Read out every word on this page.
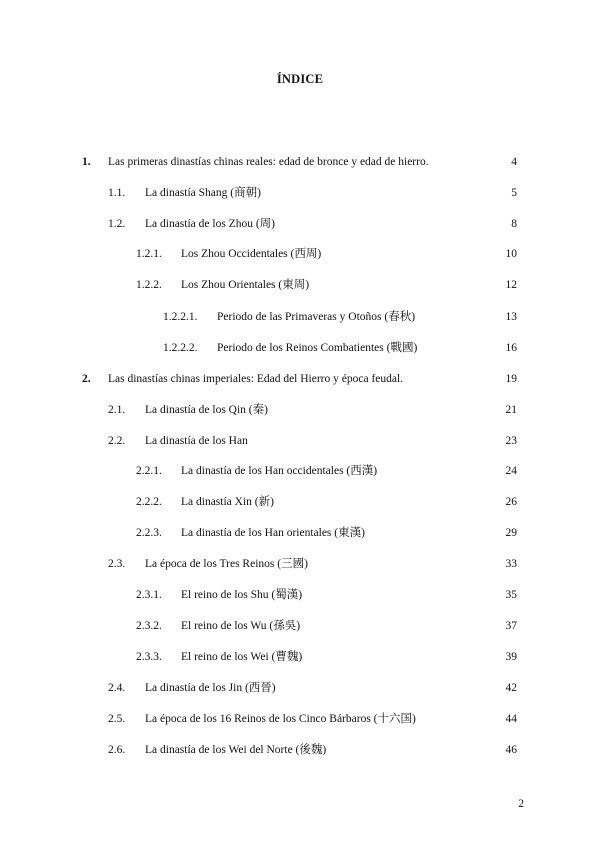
ÍNDICE
1. Las primeras dinastías chinas reales: edad de bronce y edad de hierro.	4
1.1. La dinastía Shang (商朝)	5
1.2. La dinastía de los Zhou (周)	8
1.2.1. Los Zhou Occidentales (西周)	10
1.2.2. Los Zhou Orientales (東周)	12
1.2.2.1. Periodo de las Primaveras y Otoños (春秋)	13
1.2.2.2. Periodo de los Reinos Combatientes (戰國)	16
2. Las dinastías chinas imperiales: Edad del Hierro y época feudal.	19
2.1. La dinastía de los Qin (秦)	21
2.2. La dinastía de los Han	23
2.2.1. La dinastía de los Han occidentales (西漢)	24
2.2.2. La dinastía Xin (新)	26
2.2.3. La dinastía de los Han orientales (東漢)	29
2.3. La época de los Tres Reinos (三國)	33
2.3.1. El reino de los Shu (蜀漢)	35
2.3.2. El reino de los Wu (孫吳)	37
2.3.3. El reino de los Wei (曹魏)	39
2.4. La dinastía de los Jin (西晉)	42
2.5. La época de los 16 Reinos de los Cinco Bárbaros (十六国)	44
2.6. La dinastía de los Wei del Norte (後魏)	46
2
